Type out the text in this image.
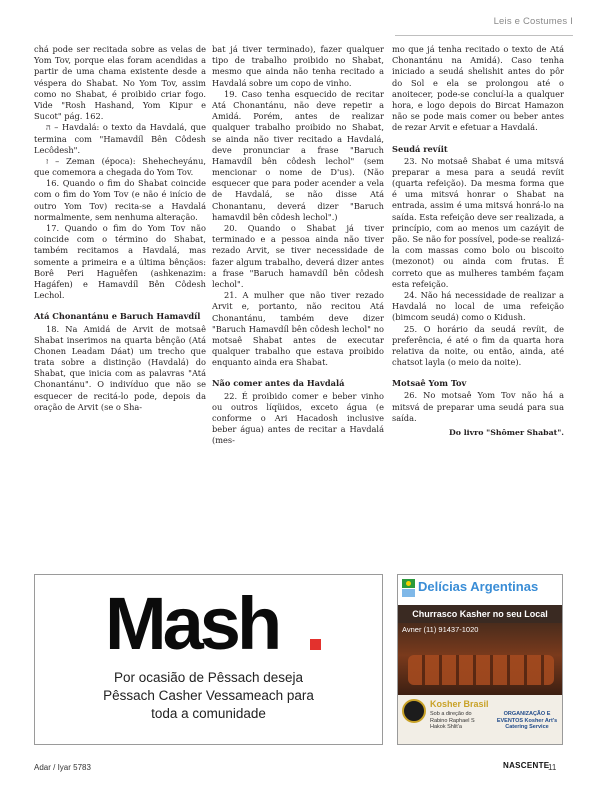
Leis e Costumes I

chá pode ser recitada sobre as velas de Yom Tov, porque elas foram acendidas a partir de uma chama existente desde a véspera do Shabat. No Yom Tov, assim como no Shabat, é proibido criar fogo. Vide "Rosh Hashand, Yom Kipur e Sucot" pág. 162.

ה – Havdalá: o texto da Havdalá, que termina com "Hamavdíl Bên Côdesh Lecôdesh".

ז – Zeman (época): Shehecheyánu, que comemora a chegada do Yom Tov.

16. Quando o fim do Shabat coincide com o fim do Yom Tov (e não é início de outro Yom Tov) recita-se a Havdalá normalmente, sem nenhuma alteração.

17. Quando o fim do Yom Tov não coincide com o término do Shabat, também recitamos a Havdalá, mas somente a primeira e a última bênçãos: Borê Peri Haguêfen (ashkenazim: Hagáfen) e Hamavdíl Bên Côdesh Lechol.

Atá Chonantánu e Baruch Hamavdíl

18. Na Amidá de Arvit de motsaê Shabat inserimos na quarta bênção (Atá Chonen Leadam Dáat) um trecho que trata sobre a distinção (Havdalá) do Shabat, que inicia com as palavras "Atá Chonantánu". O indivíduo que não se esquecer de recitá-lo pode, depois da oração de Arvit (se o Sha-

bat já tiver terminado), fazer qualquer tipo de trabalho proibido no Shabat, mesmo que ainda não tenha recitado a Havdalá sobre um copo de vinho.

19. Caso tenha esquecido de recitar Atá Chonantánu, não deve repetir a Amidá. Porém, antes de realizar qualquer trabalho proibido no Shabat, se ainda não tiver recitado a Havdalá, deve pronunciar a frase "Baruch Hamavdíl bên côdesh lechol" (sem mencionar o nome de D'us). (Não esquecer que para poder acender a vela de Havdalá, se não disse Atá Chonantanu, deverá dizer "Baruch hamavdil bên côdesh lechol".)

20. Quando o Shabat já tiver terminado e a pessoa ainda não tiver rezado Arvit, se tiver necessidade de fazer algum trabalho, deverá dizer antes a frase "Baruch hamavdíl bên côdesh lechol".

21. A mulher que não tiver rezado Arvit e, portanto, não recitou Atá Chonantánu, também deve dizer "Baruch Hamavdíl bên côdesh lechol" no motsaê Shabat antes de executar qualquer trabalho que estava proibido enquanto ainda era Shabat.

Não comer antes da Havdalá

22. É proibido comer e beber vinho ou outros líqüidos, exceto água (e conforme o Ari Hacadosh inclusive beber água) antes de recitar a Havdalá (mes-

mo que já tenha recitado o texto de Atá Chonantánu na Amidá). Caso tenha iniciado a seudá shelishit antes do pôr do Sol e ela se prolongou até o anoitecer, pode-se concluí-la a qualquer hora, e logo depois do Bircat Hamazon não se pode mais comer ou beber antes de rezar Arvit e efetuar a Havdalá.

Seudá revíit

23. No motsaê Shabat é uma mitsvá preparar a mesa para a seudá revíit (quarta refeição). Da mesma forma que é uma mitsvá honrar o Shabat na entrada, assim é uma mitsvá honrá-lo na saída. Esta refeição deve ser realizada, a princípio, com ao menos um cazáyit de pão. Se não for possível, pode-se realizá-la com massas como bolo ou biscoito (mezonot) ou ainda com frutas. É correto que as mulheres também façam esta refeição.

24. Não há necessidade de realizar a Havdalá no local de uma refeição (bimcom seudá) como o Kidush.

25. O horário da seudá revíit, de preferência, é até o fim da quarta hora relativa da noite, ou então, ainda, até chatsot layla (o meio da noite).

Motsaê Yom Tov

26. No motsaê Yom Tov não há a mitsvá de preparar uma seudá para sua saída.

Do livro "Shômer Shabat".

Mash
Por ocasião de Pêssach deseja
Pêssach Casher Vessameach para
toda a comunidade
Delícias Argentinas
Churrasco Kasher no seu Local
Avner (11) 91437-1020
Kosher Brasil
Sob a direção do Rabino Raphael S Hakok Shlit'a
ORGANIZAÇÃO E EVENTOS Kosher Art's Catering Service
Adar / Iyar 5783	NASCENTE
11
